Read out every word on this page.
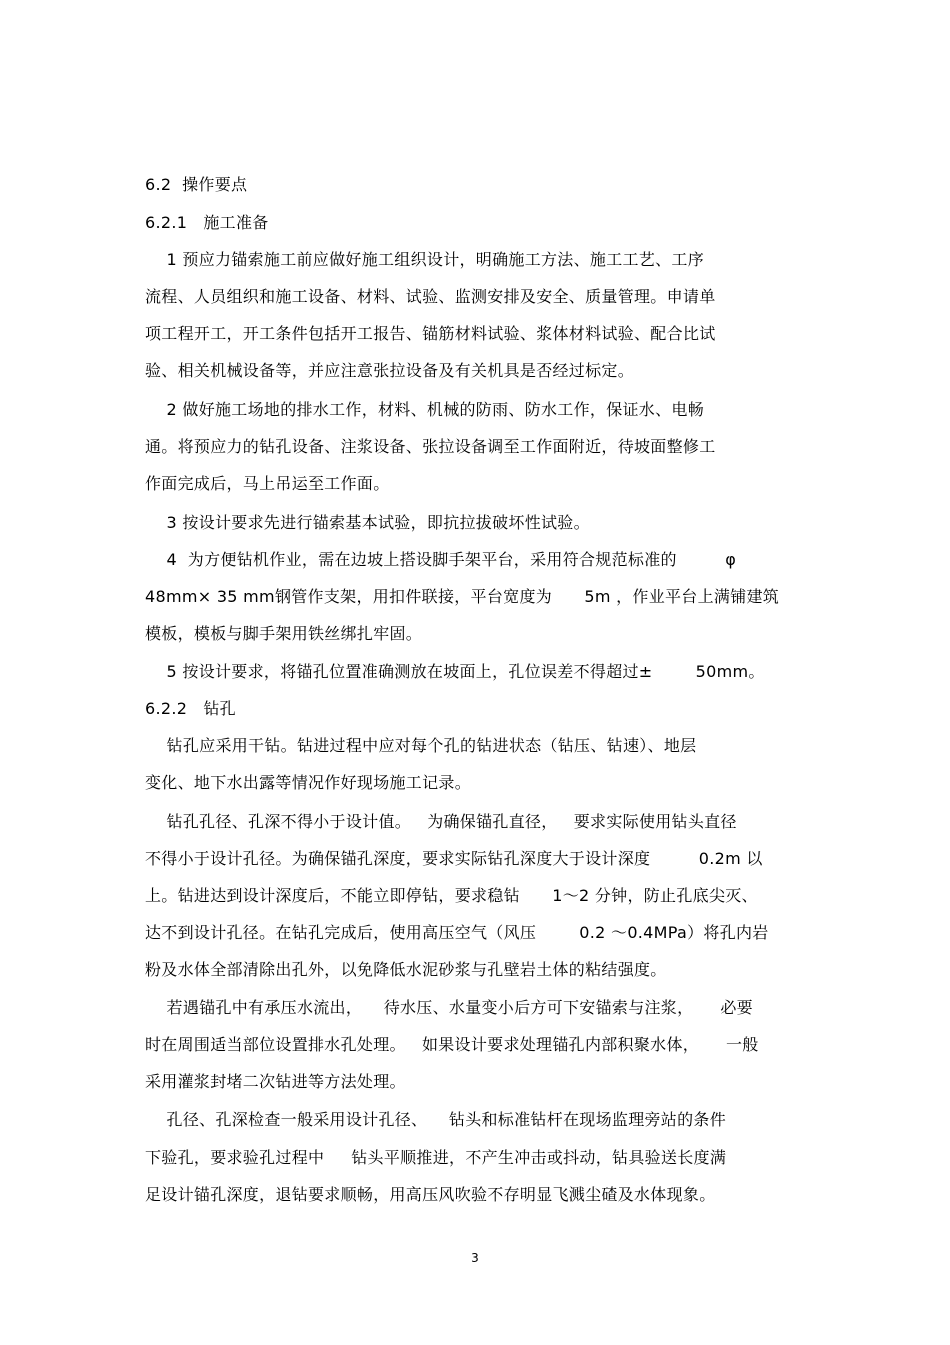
6.2  操作要点
6.2.1   施工准备
1 预应力锚索施工前应做好施工组织设计，明确施工方法、施工工艺、工序
流程、人员组织和施工设备、材料、试验、监测安排及安全、质量管理。申请单
项工程开工，开工条件包括开工报告、锚筋材料试验、浆体材料试验、配合比试
验、相关机械设备等，并应注意张拉设备及有关机具是否经过标定。
2 做好施工场地的排水工作，材料、机械的防雨、防水工作，保证水、电畅
通。将预应力的钻孔设备、注浆设备、张拉设备调至工作面附近，待坡面整修工
作面完成后，马上吊运至工作面。
3 按设计要求先进行锚索基本试验，即抗拉拔破坏性试验。
4  为方便钻机作业，需在边坡上搭设脚手架平台，采用符合规范标准的         φ
48mm× 35 mm钢管作支架，用扣件联接，平台宽度为      5m ，作业平台上满铺建筑
模板，模板与脚手架用铁丝绑扎牢固。
5 按设计要求，将锚孔位置准确测放在坡面上，孔位误差不得超过±        50mm。
6.2.2   钻孔
钻孔应采用干钻。钻进过程中应对每个孔的钻进状态（钻压、钻速）、地层
变化、地下水出露等情况作好现场施工记录。
钻孔孔径、孔深不得小于设计值。   为确保锚孔直径，   要求实际使用钻头直径
不得小于设计孔径。为确保锚孔深度，要求实际钻孔深度大于设计深度         0.2m 以
上。钻进达到设计深度后，不能立即停钻，要求稳钻      1～2 分钟，防止孔底尖灭、
达不到设计孔径。在钻孔完成后，使用高压空气（风压        0.2 ～0.4MPa）将孔内岩
粉及水体全部清除出孔外，以免降低水泥砂浆与孔壁岩土体的粘结强度。
若遇锚孔中有承压水流出，    待水压、水量变小后方可下安锚索与注浆，     必要
时在周围适当部位设置排水孔处理。   如果设计要求处理锚孔内部积聚水体，     一般
采用灌浆封堵二次钻进等方法处理。
孔径、孔深检查一般采用设计孔径、    钻头和标准钻杆在现场监理旁站的条件
下验孔，要求验孔过程中     钻头平顺推进，不产生冲击或抖动，钻具验送长度满
足设计锚孔深度，退钻要求顺畅，用高压风吹验不存明显飞溅尘碴及水体现象。
3
